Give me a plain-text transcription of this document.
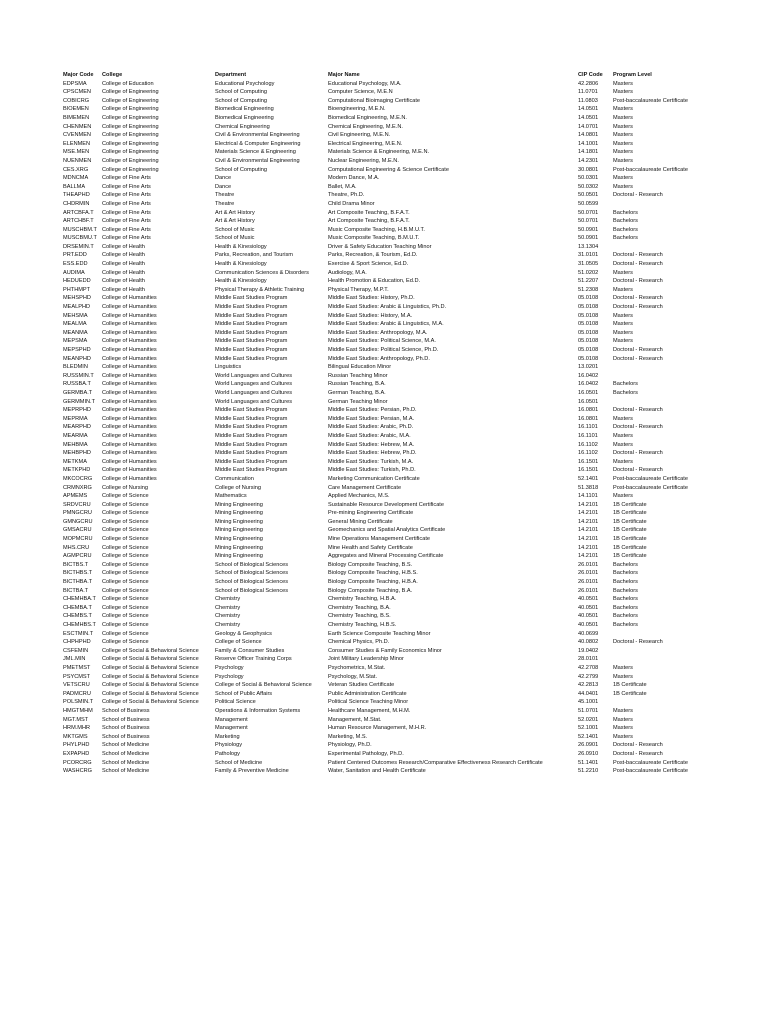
Major Code	College	Department	Major Name	CIP Code	Program Level
EDPSMA	College of Education	Educational Psychology	Educational Psychology, M.A.	42.2806	Masters
CPSCMEN	College of Engineering	School of Computing	Computer Science, M.E.N	11.0701	Masters
COBICRG	College of Engineering	School of Computing	Computational Bioimaging Certificate	11.0803	Post-baccalaureate Certificate
BIOEMEN	College of Engineering	Biomedical Engineering	Bioengineering, M.E.N.	14.0501	Masters
BIMEMEN	College of Engineering	Biomedical Engineering	Biomedical Engineering, M.E.N.	14.0501	Masters
CHENMEN	College of Engineering	Chemical Engineering	Chemical Engineering, M.E.N.	14.0701	Masters
CVENMEN	College of Engineering	Civil & Environmental Engineering	Civil Engineering, M.E.N.	14.0801	Masters
ELENMEN	College of Engineering	Electrical & Computer Engineering	Electrical Engineering, M.E.N.	14.1001	Masters
MSE.MEN	College of Engineering	Materials Science & Engineering	Materials Science & Engineering, M.E.N.	14.1801	Masters
NUENMEN	College of Engineering	Civil & Environmental Engineering	Nuclear Engineering, M.E.N.	14.2301	Masters
CES.XRG	College of Engineering	School of Computing	Computational Engineering & Science Certificate	30.0801	Post-baccalaureate Certificate
MDNCMA	College of Fine Arts	Dance	Modern Dance, M.A.	50.0301	Masters
BALLMA	College of Fine Arts	Dance	Ballet, M.A.	50.0302	Masters
THEAPHD	College of Fine Arts	Theatre	Theatre, Ph.D.	50.0501	Doctoral - Research
CHDRMIN	College of Fine Arts	Theatre	Child Drama Minor	50.0599	
ARTCBFA.T	College of Fine Arts	Art & Art History	Art Composite Teaching, B.F.A.T.	50.0701	Bachelors
ARTCHBF.T	College of Fine Arts	Art & Art History	Art Composite Teaching, B.F.A.T.	50.0701	Bachelors
MUSCHBM.T	College of Fine Arts	School of Music	Music Composite Teaching, H.B.M.U.T.	50.0901	Bachelors
MUSCBMU.T	College of Fine Arts	School of Music	Music Composite Teaching, B.M.U.T.	50.0901	Bachelors
DRSEMIN.T	College of Health	Health & Kinesiology	Driver & Safety Education Teaching Minor	13.1304	
PRT.EDD	College of Health	Parks, Recreation, and Tourism	Parks, Recreation, & Tourism, Ed.D.	31.0101	Doctoral - Research
ESS.EDD	College of Health	Health & Kinesiology	Exercise & Sport Science, Ed.D.	31.0505	Doctoral - Research
AUDIMA	College of Health	Communication Sciences & Disorders	Audiology, M.A.	51.0202	Masters
HEDUEDD	College of Health	Health & Kinesiology	Health Promotion & Education, Ed.D.	51.2207	Doctoral - Research
PHTHMPT	College of Health	Physical Therapy & Athletic Training	Physical Therapy, M.P.T.	51.2308	Masters
MEHSPHD	College of Humanities	Middle East Studies Program	Middle East Studies: History, Ph.D.	05.0108	Doctoral - Research
MEALPHD	College of Humanities	Middle East Studies Program	Middle East Studies: Arabic & Linguistics, Ph.D.	05.0108	Doctoral - Research
MEHSMA	College of Humanities	Middle East Studies Program	Middle East Studies: History, M.A.	05.0108	Masters
MEALMA	College of Humanities	Middle East Studies Program	Middle East Studies: Arabic & Linguistics, M.A.	05.0108	Masters
MEANMA	College of Humanities	Middle East Studies Program	Middle East Studies: Anthropology, M.A.	05.0108	Masters
MEPSMA	College of Humanities	Middle East Studies Program	Middle East Studies: Political Science, M.A.	05.0108	Masters
MEPSPHD	College of Humanities	Middle East Studies Program	Middle East Studies: Political Science, Ph.D.	05.0108	Doctoral - Research
MEANPHD	College of Humanities	Middle East Studies Program	Middle East Studies: Anthropology, Ph.D.	05.0108	Doctoral - Research
BLEDMIN	College of Humanities	Linguistics	Bilingual Education Minor	13.0201	
RUSSMIN.T	College of Humanities	World Languages and Cultures	Russian Teaching Minor	16.0402	
RUSSBA.T	College of Humanities	World Languages and Cultures	Russian Teaching, B.A.	16.0402	Bachelors
GERMBA.T	College of Humanities	World Languages and Cultures	German Teaching, B.A.	16.0501	Bachelors
GERMMIN.T	College of Humanities	World Languages and Cultures	German Teaching Minor	16.0501	
MEPRPHD	College of Humanities	Middle East Studies Program	Middle East Studies: Persian, Ph.D.	16.0801	Doctoral - Research
MEPRMA	College of Humanities	Middle East Studies Program	Middle East Studies: Persian, M.A.	16.0801	Masters
MEARPHD	College of Humanities	Middle East Studies Program	Middle East Studies: Arabic, Ph.D.	16.1101	Doctoral - Research
MEARMA	College of Humanities	Middle East Studies Program	Middle East Studies: Arabic, M.A.	16.1101	Masters
MEHBMA	College of Humanities	Middle East Studies Program	Middle East Studies: Hebrew, M.A.	16.1102	Masters
MEHBPHD	College of Humanities	Middle East Studies Program	Middle East Studies: Hebrew, Ph.D.	16.1102	Doctoral - Research
METKMA	College of Humanities	Middle East Studies Program	Middle East Studies: Turkish, M.A.	16.1501	Masters
METKPHD	College of Humanities	Middle East Studies Program	Middle East Studies: Turkish, Ph.D.	16.1501	Doctoral - Research
MKCOCRG	College of Humanities	Communication	Marketing Communication Certificate	52.1401	Post-baccalaureate Certificate
CRMNXRG	College of Nursing	College of Nursing	Care Management Certificate	51.3818	Post-baccalaureate Certificate
APMEMS	College of Science	Mathematics	Applied Mechanics, M.S.	14.1101	Masters
SRDVCRU	College of Science	Mining Engineering	Sustainable Resource Development Certificate	14.2101	1B Certificate
PMNGCRU	College of Science	Mining Engineering	Pre-mining Engineering Certificate	14.2101	1B Certificate
GMNGCRU	College of Science	Mining Engineering	General Mining Certificate	14.2101	1B Certificate
GMSACRU	College of Science	Mining Engineering	Geomechanics and Spatial Analytics Certificate	14.2101	1B Certificate
MOPMCRU	College of Science	Mining Engineering	Mine Operations Management Certificate	14.2101	1B Certificate
MHS.CRU	College of Science	Mining Engineering	Mine Health and Safety Certificate	14.2101	1B Certificate
AGMPCRU	College of Science	Mining Engineering	Aggregates and Mineral Processing Certificate	14.2101	1B Certificate
BICTBS.T	College of Science	School of Biological Sciences	Biology Composite Teaching, B.S.	26.0101	Bachelors
BICTHBS.T	College of Science	School of Biological Sciences	Biology Composite Teaching, H.B.S.	26.0101	Bachelors
BICTHBA.T	College of Science	School of Biological Sciences	Biology Composite Teaching, H.B.A.	26.0101	Bachelors
BICTBA.T	College of Science	School of Biological Sciences	Biology Composite Teaching, B.A.	26.0101	Bachelors
CHEMHBA.T	College of Science	Chemistry	Chemistry Teaching, H.B.A.	40.0501	Bachelors
CHEMBA.T	College of Science	Chemistry	Chemistry Teaching, B.A.	40.0501	Bachelors
CHEMBS.T	College of Science	Chemistry	Chemistry Teaching, B.S.	40.0501	Bachelors
CHEMHBS.T	College of Science	Chemistry	Chemistry Teaching, H.B.S.	40.0501	Bachelors
ESCTMIN.T	College of Science	Geology & Geophysics	Earth Science Composite Teaching Minor	40.0699	
CHPHPHD	College of Science	College of Science	Chemical Physics, Ph.D.	40.0802	Doctoral - Research
CSFEMIN	College of Social & Behavioral Science	Family & Consumer Studies	Consumer Studies & Family Economics Minor	19.0402	
JML.MIN	College of Social & Behavioral Science	Reserve Officer Training Corps	Joint Military Leadership Minor	28.0101	
PMETMST	College of Social & Behavioral Science	Psychology	Psychometrics, M.Stat.	42.2708	Masters
PSYCMST	College of Social & Behavioral Science	Psychology	Psychology, M.Stat.	42.2799	Masters
VETSCRU	College of Social & Behavioral Science	College of Social & Behavioral Science	Veteran Studies Certificate	42.2813	1B Certificate
PADMCRU	College of Social & Behavioral Science	School of Public Affairs	Public Administration Certificate	44.0401	1B Certificate
POLSMIN.T	College of Social & Behavioral Science	Political Science	Political Science Teaching Minor	45.1001	
HMGTMHM	School of Business	Operations & Information Systems	Healthcare Management, M.H.M.	51.0701	Masters
MGT.MST	School of Business	Management	Management, M.Stat.	52.0201	Masters
HRM.MHR	School of Business	Management	Human Resource Management, M.H.R.	52.1001	Masters
MKTGMS	School of Business	Marketing	Marketing, M.S.	52.1401	Masters
PHYLPHD	School of Medicine	Physiology	Physiology, Ph.D.	26.0901	Doctoral - Research
EXPAPHD	School of Medicine	Pathology	Experimental Pathology, Ph.D.	26.0910	Doctoral - Research
PCORCRG	School of Medicine	School of Medicine	Patient Centered Outcomes Research/Comparative Effectiveness Research Certificate	51.1401	Post-baccalaureate Certificate
WASHCRG	School of Medicine	Family & Preventive Medicine	Water, Sanitation and Health Certificate	51.2210	Post-baccalaureate Certificate
